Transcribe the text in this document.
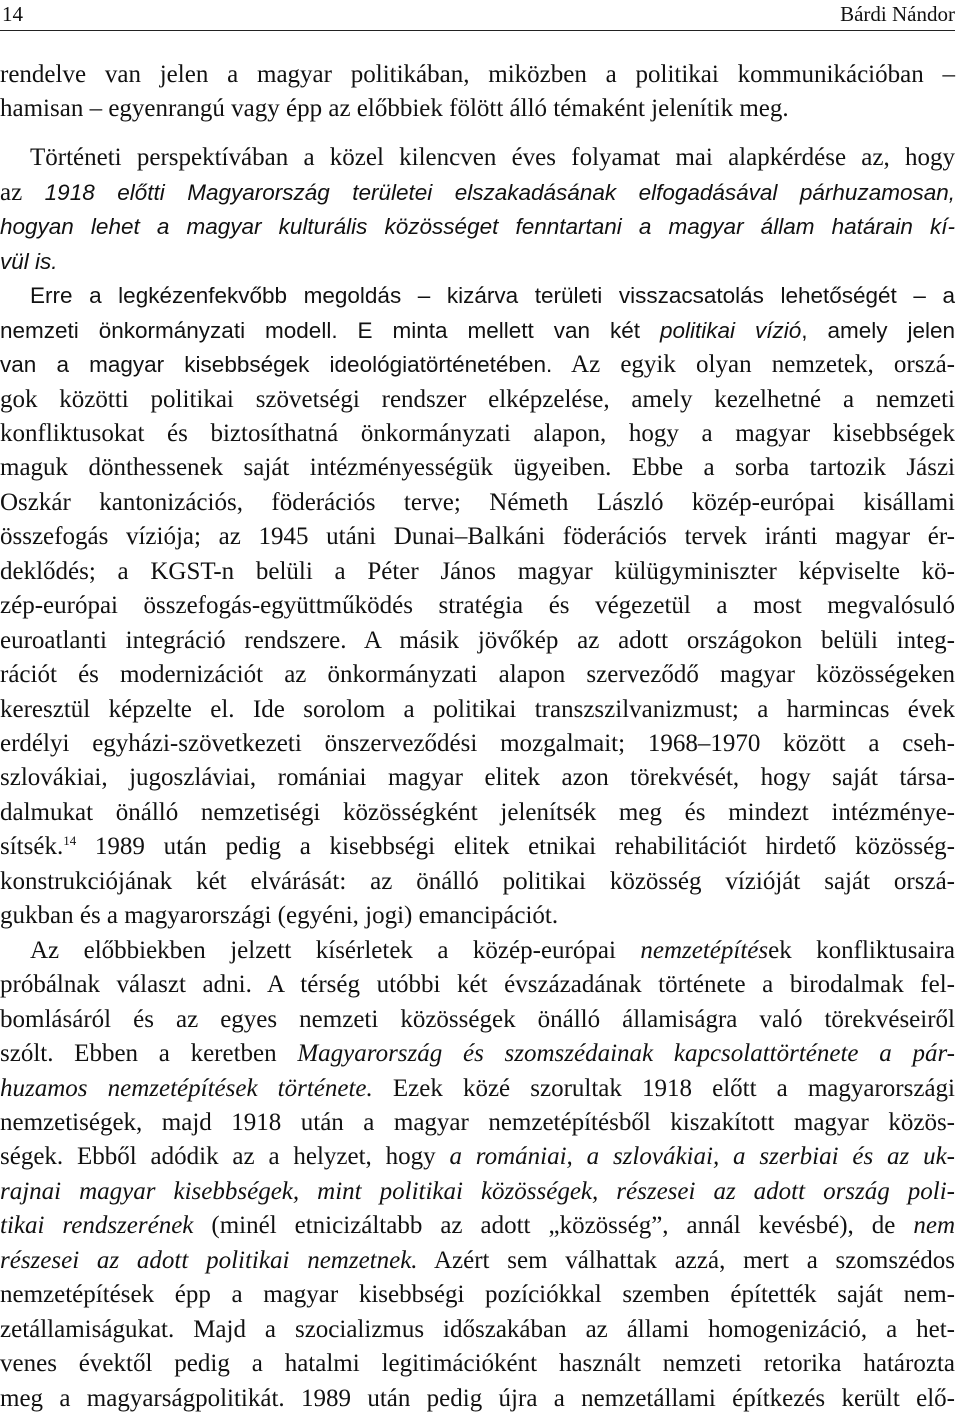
14	Bárdi Nándor
rendelve van jelen a magyar politikában, miközben a politikai kommunikációban –
hamisan – egyenrangú vagy épp az előbbiek fölött álló témaként jelenítik meg.
Történeti perspektívában a közel kilencven éves folyamat mai alapkérdése az, hogy
az 1918 előtti Magyarország területei elszakadásának elfogadásával párhuzamosan,
hogyan lehet a magyar kulturális közösséget fenntartani a magyar állam határain kí-
vül is.
Erre a legkézenfekvőbb megoldás – kizárva területi visszacsatolás lehetőségét – a
nemzeti önkormányzati modell. E minta mellett van két politikai vízió, amely jelen
van a magyar kisebbségek ideológiatörténetében. Az egyik olyan nemzetek, orszá-
gok közötti politikai szövetségi rendszer elképzelése, amely kezelhetné a nemzeti
konfliktusokat és biztosíthatná önkormányzati alapon, hogy a magyar kisebbségek
maguk dönthessenek saját intézményességük ügyeiben. Ebbe a sorba tartozik Jászi
Oszkár kantonizációs, föderációs terve; Németh László közép-európai kisállami
összefogás víziója; az 1945 utáni Dunai–Balkáni föderációs tervek iránti magyar ér-
deklődés; a KGST-n belüli a Péter János magyar külügyminiszter képviselte kö-
zép-európai összefogás-együttműködés stratégia és végezetül a most megvalósuló
euroatlanti integráció rendszere. A másik jövőkép az adott országokon belüli integ-
rációt és modernizációt az önkormányzati alapon szerveződő magyar közösségeken
keresztül képzelte el. Ide sorolom a politikai transzszilvanizmust; a harmincas évek
erdélyi egyházi-szövetkezeti önszerveződési mozgalmait; 1968–1970 között a cseh-
szlovákiai, jugoszláviai, romániai magyar elitek azon törekvését, hogy saját társa-
dalmukat önálló nemzetiségi közösségként jelenítsék meg és mindezt intézménye-
sítsék.$^{14}$ 1989 után pedig a kisebbségi elitek etnikai rehabilitációt hirdető közösség-
konstrukciójának két elvárását: az önálló politikai közösség vízióját saját orszá-
gukban és a magyarországi (egyéni, jogi) emancipációt.
Az előbbiekben jelzett kísérletek a közép-európai nemzetépítések konfliktusaira
próbálnak választ adni. A térség utóbbi két évszázadának története a birodalmak fel-
bomlásáról és az egyes nemzeti közösségek önálló államiságra való törekvéseiről
szólt. Ebben a keretben Magyarország és szomszédainak kapcsolattörténete a pár-
huzamos nemzetépítések története. Ezek közé szorultak 1918 előtt a magyarországi
nemzetiségek, majd 1918 után a magyar nemzetépítésből kiszakított magyar közös-
ségek. Ebből adódik az a helyzet, hogy a romániai, a szlovákiai, a szerbiai és az uk-
rajnai magyar kisebbségek, mint politikai közösségek, részesei az adott ország poli-
tikai rendszerének (minél etnicizáltabb az adott „közösség”, annál kevésbé), de nem
részesei az adott politikai nemzetnek. Azért sem válhattak azzá, mert a szomszédos
nemzetépítések épp a magyar kisebbségi pozíciókkal szemben építették saját nem-
zetállamiságukat. Majd a szocializmus időszakában az állami homogenizáció, a het-
venes évektől pedig a hatalmi legitimációként használt nemzeti retorika határozta
meg a magyarságpolitikát. 1989 után pedig újra a nemzetállami építkezés került elő-
